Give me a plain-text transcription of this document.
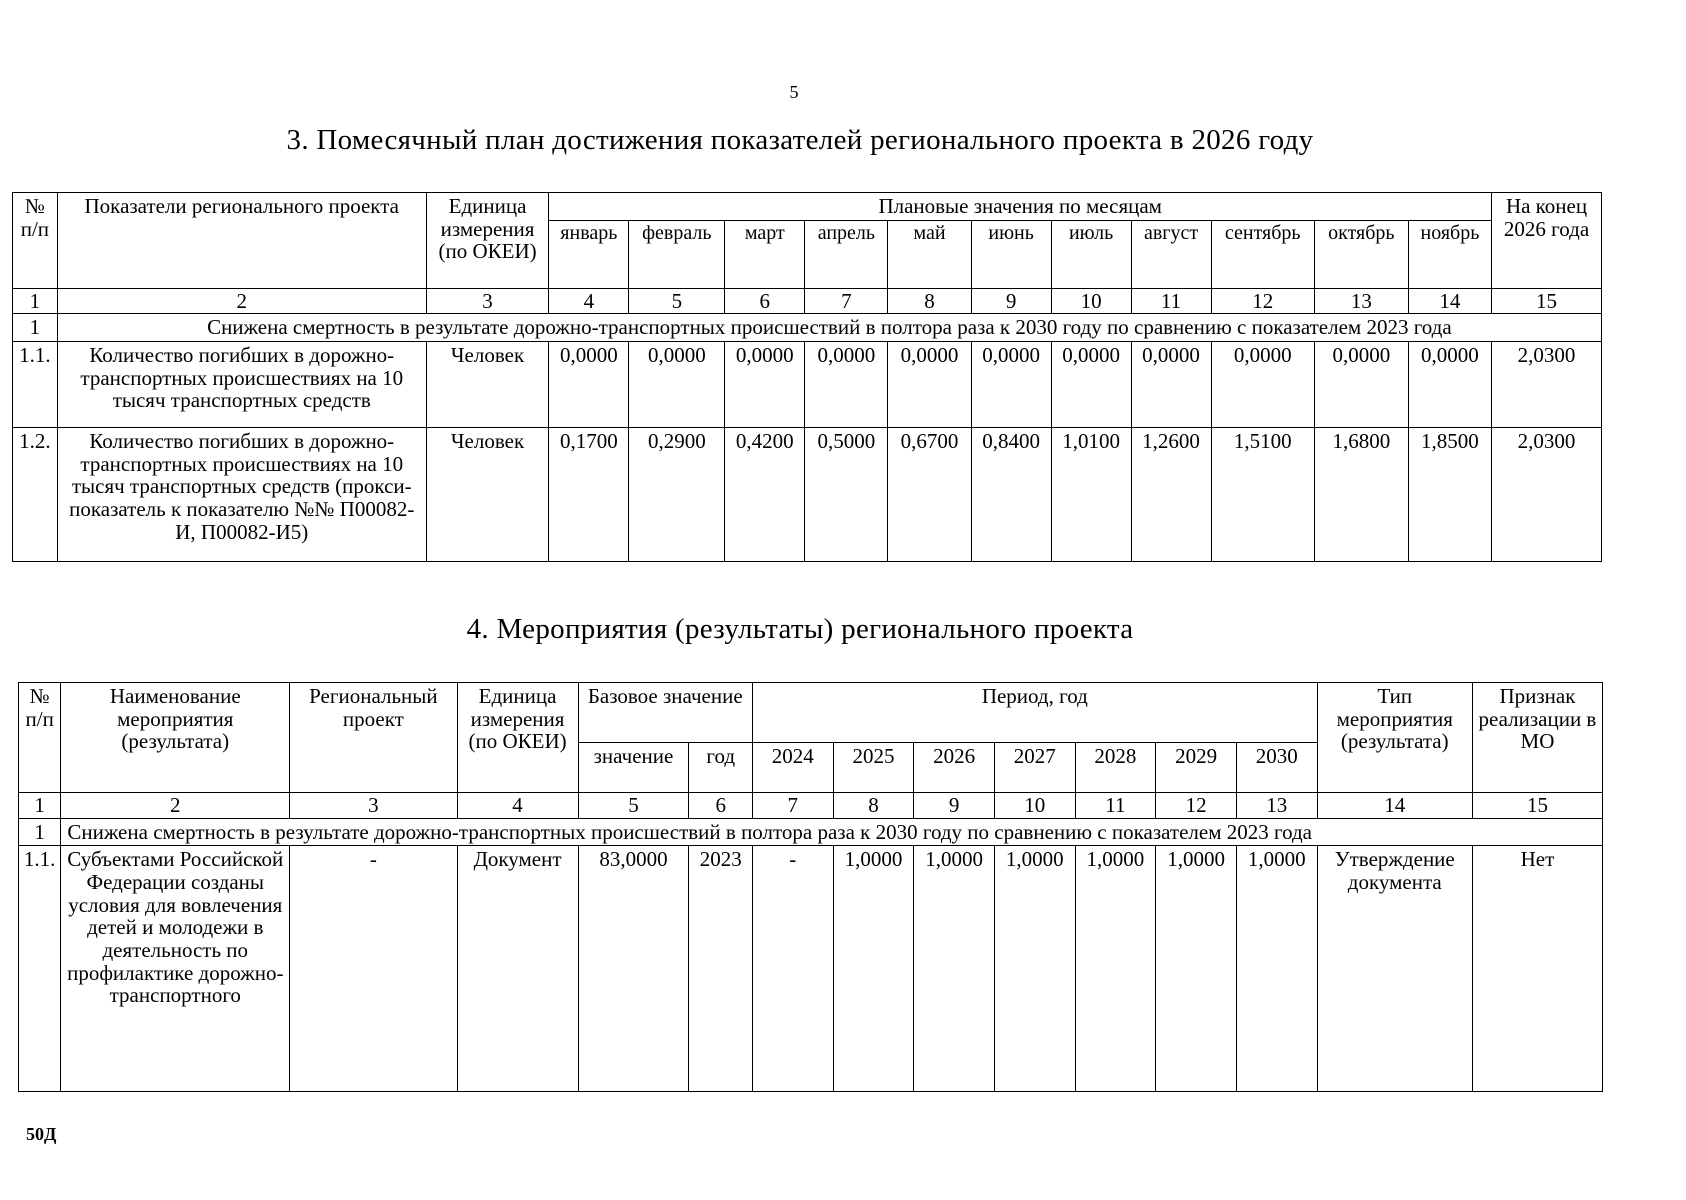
5
3. Помесячный план достижения показателей регионального проекта в 2026 году
№ п/п	Показатели регионального проекта	Единица измерения (по ОКЕИ)	Плановые значения по месяцам											На конец 2026 года
			январь	февраль	март	апрель	май	июнь	июль	август	сентябрь	октябрь	ноябрь	
1	2	3	4	5	6	7	8	9	10	11	12	13	14	15
1	Снижена смертность в результате дорожно-транспортных происшествий в полтора раза к 2030 году по сравнению с показателем 2023 года													
1.1.	Количество погибших в дорожно-транспортных происшествиях на 10 тысяч транспортных средств	Человек	0,0000	0,0000	0,0000	0,0000	0,0000	0,0000	0,0000	0,0000	0,0000	0,0000	0,0000	2,0300
1.2.	Количество погибших в дорожно-транспортных происшествиях на 10 тысяч транспортных средств (прокси- показатель к показателю №№ П00082-И, П00082-И5)	Человек	0,1700	0,2900	0,4200	0,5000	0,6700	0,8400	1,0100	1,2600	1,5100	1,6800	1,8500	2,0300
4. Мероприятия (результаты) регионального проекта
№ п/п	Наименование мероприятия (результата)	Региональный проект	Единица измерения (по ОКЕИ)	Базовое значение		Период, год							Тип мероприятия (результата)	Признак реализации в МО
				значение	год	2024	2025	2026	2027	2028	2029	2030		
1	2	3	4	5	6	7	8	9	10	11	12	13	14	15
1	Снижена смертность в результате дорожно-транспортных происшествий в полтора раза к 2030 году по сравнению с показателем 2023 года													
1.1.	Субъектами Российской Федерации созданы условия для вовлечения детей и молодежи в деятельность по профилактике дорожно-транспортного	-	Документ	83,0000	2023	-	1,0000	1,0000	1,0000	1,0000	1,0000	1,0000	Утверждение документа	Нет
50Д
